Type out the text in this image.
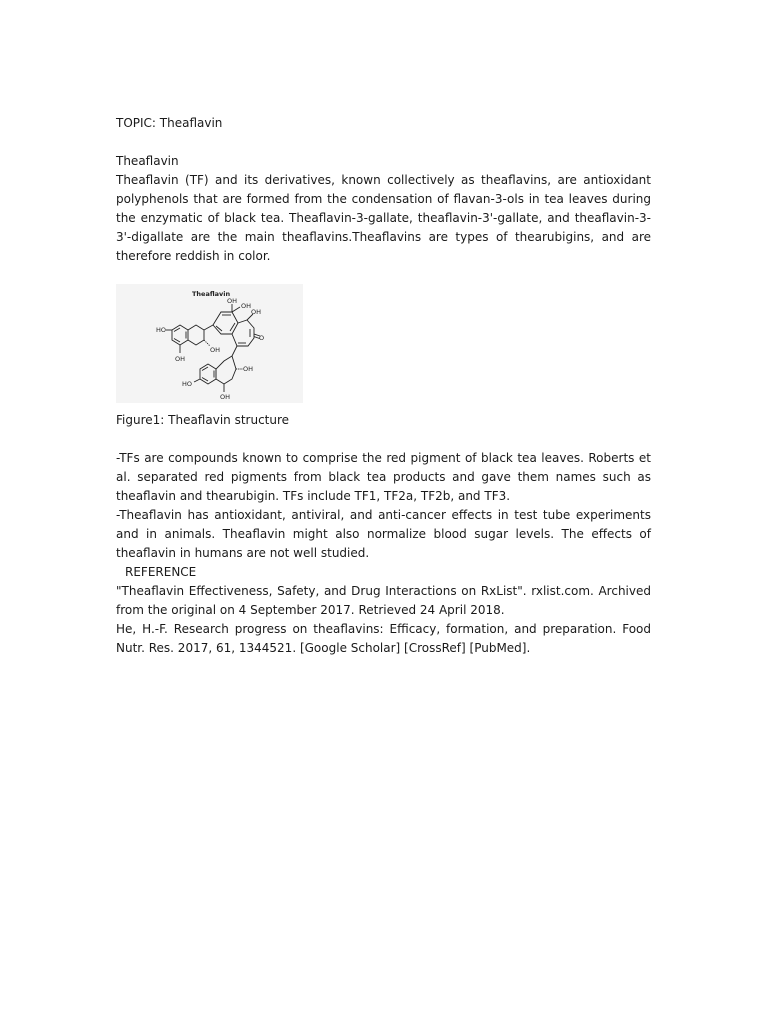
TOPIC: Theaflavin

Theaflavin

Theaflavin (TF) and its derivatives, known collectively as theaflavins, are antioxidant polyphenols that are formed from the condensation of flavan-3-ols in tea leaves during the enzymatic of black tea. Theaflavin-3-gallate, theaflavin-3'-gallate, and theaflavin-3-3'-digallate are the main theaflavins.Theaflavins are types of thearubigins, and are therefore reddish in color.

Theaflavin
OH
OH
OH
O
HO
OH
OH
OH
HO
OH

Figure1: Theaflavin structure

-TFs are compounds known to comprise the red pigment of black tea leaves. Roberts et al. separated red pigments from black tea products and gave them names such as theaflavin and thearubigin. TFs include TF1, TF2a, TF2b, and TF3.

-Theaflavin has antioxidant, antiviral, and anti-cancer effects in test tube experiments and in animals. Theaflavin might also normalize blood sugar levels. The effects of theaflavin in humans are not well studied.

REFERENCE

"Theaflavin Effectiveness, Safety, and Drug Interactions on RxList". rxlist.com. Archived from the original on 4 September 2017. Retrieved 24 April 2018.

He, H.-F. Research progress on theaflavins: Efficacy, formation, and preparation. Food Nutr. Res. 2017, 61, 1344521. [Google Scholar] [CrossRef] [PubMed].
